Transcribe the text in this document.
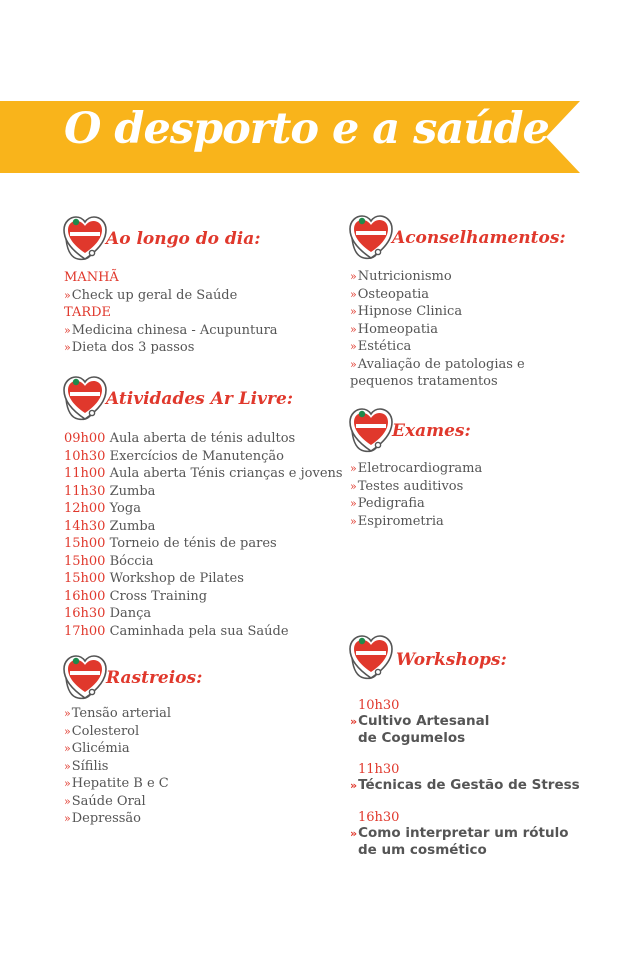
O desporto e a saúde
Ao longo do dia:
MANHÃ
»Check up geral de Saúde
TARDE
»Medicina chinesa - Acupuntura
»Dieta dos 3 passos
Atividades Ar Livre:
09h00 Aula aberta de ténis adultos
10h30 Exercícios de Manutenção
11h00 Aula aberta Ténis crianças e jovens
11h30 Zumba
12h00 Yoga
14h30 Zumba
15h00 Torneio de ténis de pares
15h00 Bóccia
15h00 Workshop de Pilates
16h00 Cross Training
16h30 Dança
17h00 Caminhada pela sua Saúde
Rastreios:
»Tensão arterial
»Colesterol
»Glicémia
»Sífilis
»Hepatite B e C
»Saúde Oral
»Depressão
Aconselhamentos:
»Nutricionismo
»Osteopatia
»Hipnose Clinica
»Homeopatia
»Estética
»Avaliação de patologias e
pequenos tratamentos
Exames:
»Eletrocardiograma
»Testes auditivos
»Pedigrafia
»Espirometria
Workshops:
10h30
»Cultivo Artesanal
de Cogumelos
11h30
»Técnicas de Gestão de Stress
16h30
»Como interpretar um rótulo
de um cosmético
